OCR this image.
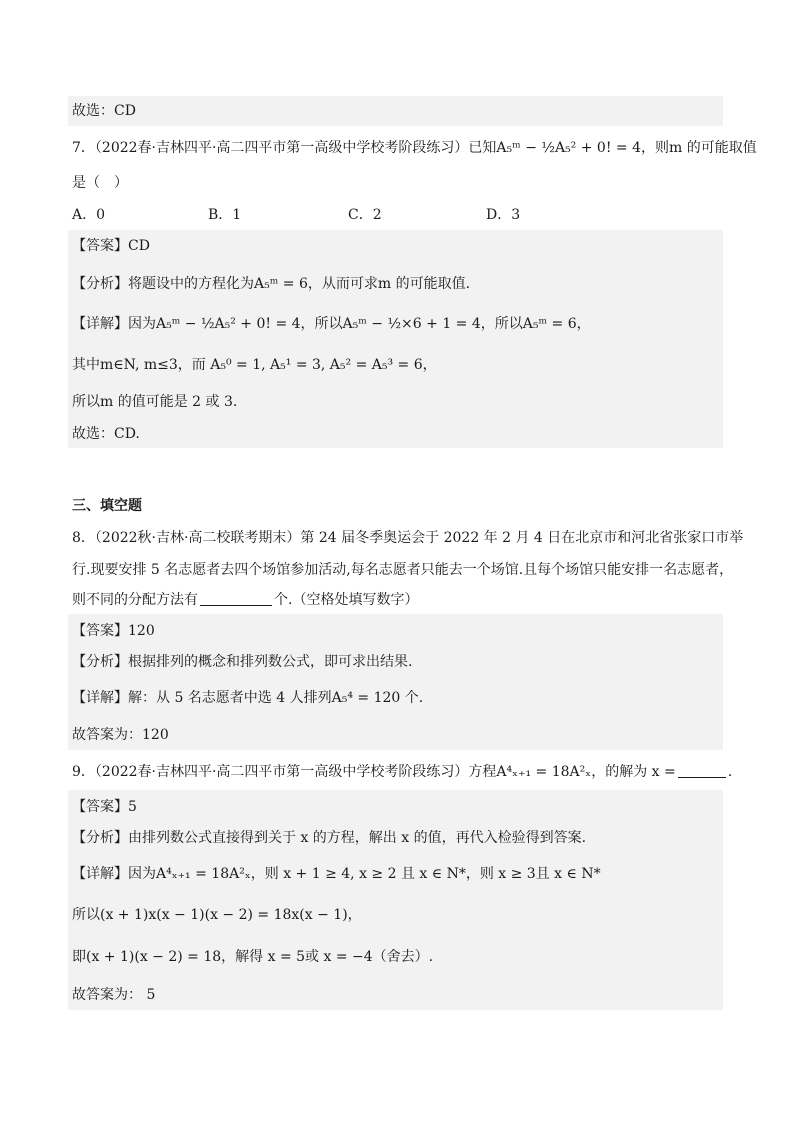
故选：CD
7．（2022春·吉林四平·高二四平市第一高级中学校考阶段练习）已知A₅ᵐ − ½A₅² + 0! = 4，则m 的可能取值
是（　）
A．0	B．1	C．2	D．3
【答案】CD
【分析】将题设中的方程化为A₅ᵐ = 6，从而可求m 的可能取值.
【详解】因为A₅ᵐ − ½A₅² + 0! = 4，所以A₅ᵐ − ½×6 + 1 = 4，所以A₅ᵐ = 6，
其中m∈N, m≤3，而 A₅⁰ = 1, A₅¹ = 3, A₅² = A₅³ = 6，
所以m 的值可能是 2 或 3.
故选：CD.
三、填空题
8．（2022秋·吉林·高二校联考期末）第 24 届冬季奥运会于 2022 年 2 月 4 日在北京市和河北省张家口市举
行.现要安排 5 名志愿者去四个场馆参加活动,每名志愿者只能去一个场馆.且每个场馆只能安排一名志愿者，
则不同的分配方法有	个.（空格处填写数字）
【答案】120
【分析】根据排列的概念和排列数公式，即可求出结果.
【详解】解：从 5 名志愿者中选 4 人排列A₅⁴ = 120 个.
故答案为：120
9．（2022春·吉林四平·高二四平市第一高级中学校考阶段练习）方程A⁴ₓ₊₁ = 18A²ₓ，的解为 x =	.
【答案】5
【分析】由排列数公式直接得到关于 x 的方程，解出 x 的值，再代入检验得到答案.
【详解】因为A⁴ₓ₊₁ = 18A²ₓ，则 x + 1 ≥ 4, x ≥ 2 且 x ∈ N*，则 x ≥ 3且 x ∈ N*
所以(x + 1)x(x − 1)(x − 2) = 18x(x − 1)，
即(x + 1)(x − 2) = 18，解得 x = 5或 x = −4（舍去）.
故答案为： 5
